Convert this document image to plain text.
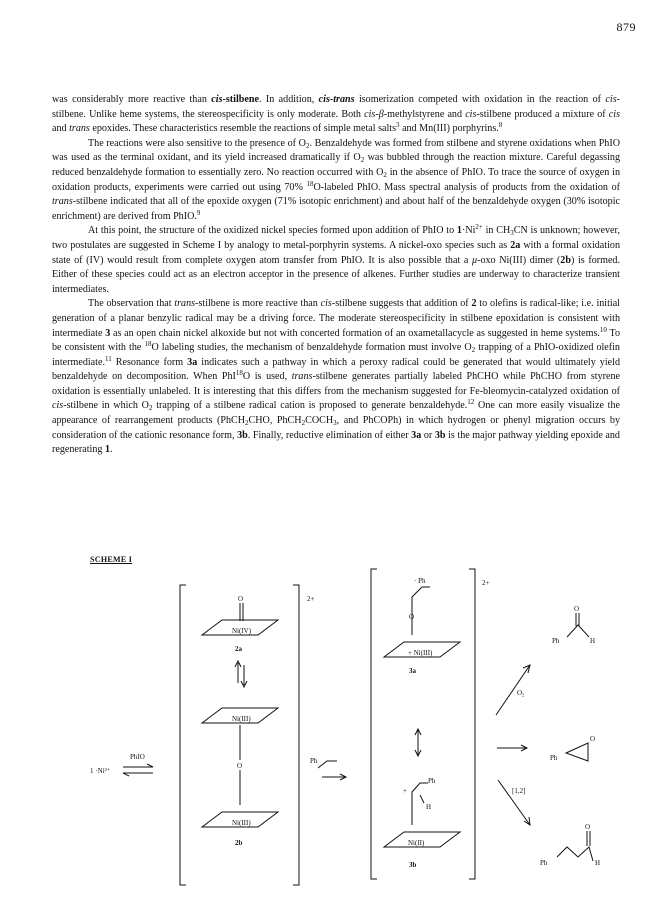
879

was considerably more reactive than cis-stilbene. In addition, cis-trans isomerization competed with oxidation in the reaction of cis-stilbene. Unlike heme systems, the stereospecificity is only moderate. Both cis-β-methylstyrene and cis-stilbene produced a mixture of cis and trans epoxides. These characteristics resemble the reactions of simple metal salts$^3$ and Mn(III) porphyrins.$^8$

The reactions were also sensitive to the presence of $O_2$. Benzaldehyde was formed from stilbene and styrene oxidations when PhIO was used as the terminal oxidant, and its yield increased dramatically if $O_2$ was bubbled through the reaction mixture. Careful degassing reduced benzaldehyde formation to essentially zero. No reaction occurred with $O_2$ in the absence of PhIO. To trace the source of oxygen in oxidation products, experiments were carried out using 70% $^{18}$O-labeled PhIO. Mass spectral analysis of products from the oxidation of trans-stilbene indicated that all of the epoxide oxygen (71% isotopic enrichment) and about half of the benzaldehyde oxygen (30% isotopic enrichment) are derived from PhIO.$^9$

At this point, the structure of the oxidized nickel species formed upon addition of PhIO to $1\cdot Ni^{2+}$ in $CH_3CN$ is unknown; however, two postulates are suggested in Scheme I by analogy to metal-porphyrin systems. A nickel-oxo species such as 2a with a formal oxidation state of (IV) would result from complete oxygen atom transfer from PhIO. It is also possible that a μ-oxo Ni(III) dimer (2b) is formed. Either of these species could act as an electron acceptor in the presence of alkenes. Further studies are underway to characterize transient intermediates.

The observation that trans-stilbene is more reactive than cis-stilbene suggests that addition of 2 to olefins is radical-like; i.e. initial generation of a planar benzylic radical may be a driving force. The moderate stereospecificity in stilbene epoxidation is consistent with intermediate 3 as an open chain nickel alkoxide but not with concerted formation of an oxametallacycle as suggested in heme systems.$^{10}$ To be consistent with the $^{18}$O labeling studies, the mechanism of benzaldehyde formation must involve $O_2$ trapping of a PhIO-oxidized olefin intermediate.$^{11}$ Resonance form 3a indicates such a pathway in which a peroxy radical could be generated that would ultimately yield benzaldehyde on decomposition. When PhI$^{18}$O is used, trans-stilbene generates partially labeled PhCHO while PhCHO from styrene oxidation is essentially unlabeled. It is interesting that this differs from the mechanism suggested for Fe-bleomycin-catalyzed oxidation of cis-stilbene in which $O_2$ trapping of a stilbene radical cation is proposed to generate benzaldehyde.$^{12}$ One can more easily visualize the appearance of rearrangement products (PhCH$_2$CHO, $PhCH_2COCH_3$, and PhCOPh) in which hydrogen or phenyl migration occurs by consideration of the cationic resonance form, 3b. Finally, reductive elimination of either 3a or 3b is the major pathway yielding epoxide and regenerating 1.

SCHEME I
1 ·Ni²⁺
PhIO
O
Ni(IV)
2a
Ni(III)
O
Ni(III)
2b
2+
Ph
· Ph
O
+ Ni(III)
3a
2+
Ph
+
H
Ni(II)
3b
O₂
[1,2]
O
Ph	H
Ph
O
O
Ph	H
